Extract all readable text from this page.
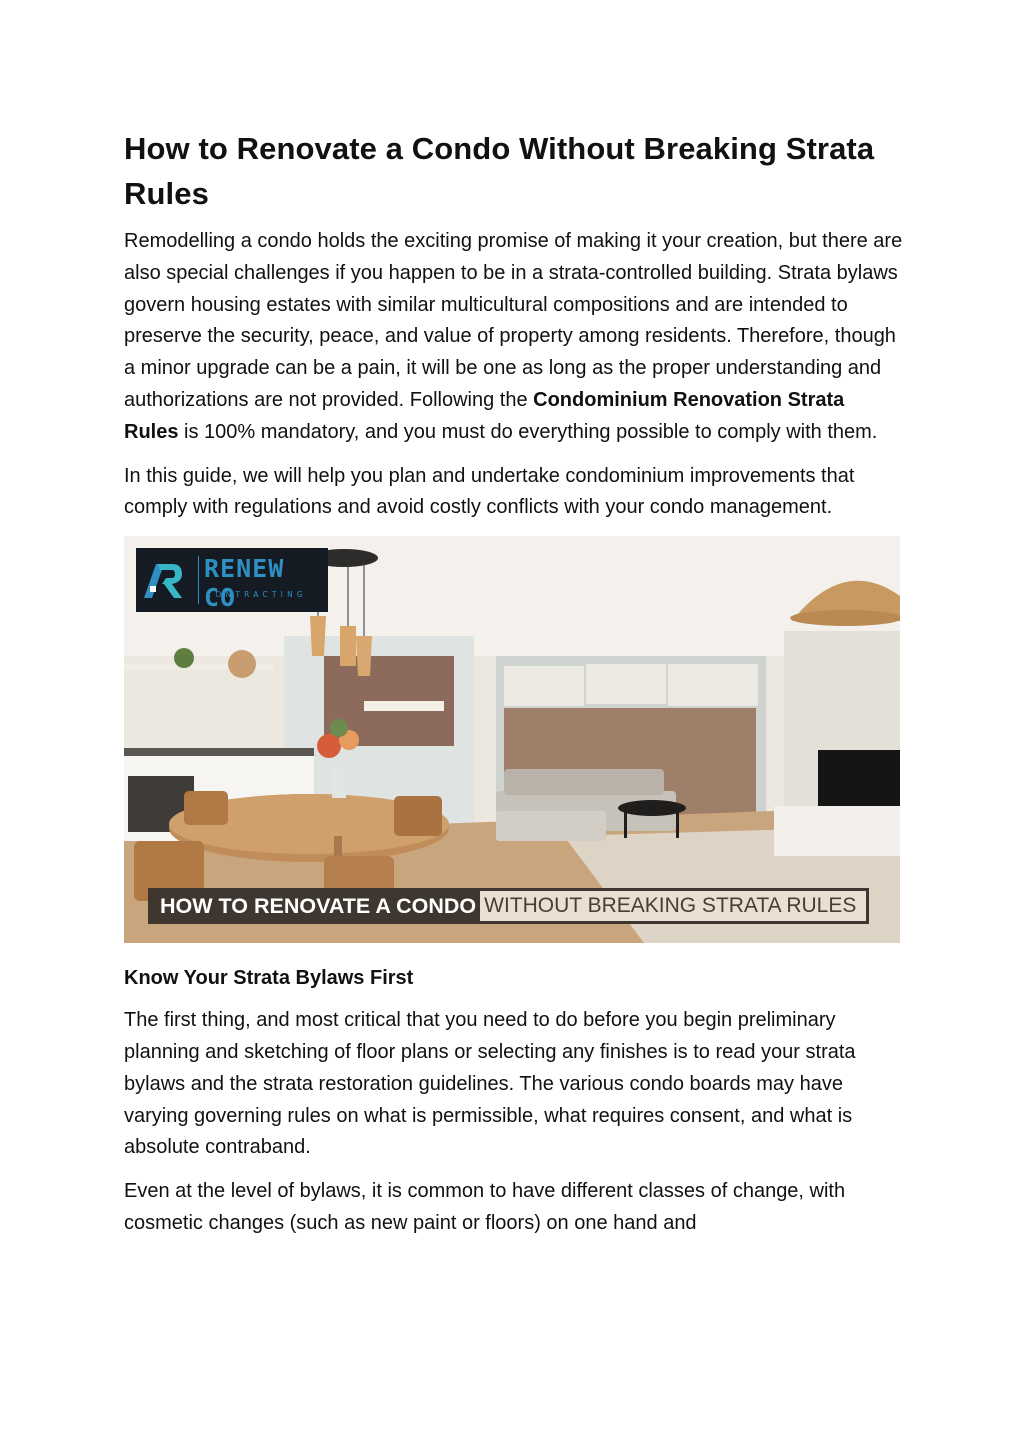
How to Renovate a Condo Without Breaking Strata Rules

Remodelling a condo holds the exciting promise of making it your creation, but there are also special challenges if you happen to be in a strata-controlled building. Strata bylaws govern housing estates with similar multicultural compositions and are intended to preserve the security, peace, and value of property among residents. Therefore, though a minor upgrade can be a pain, it will be one as long as the proper understanding and authorizations are not provided. Following the Condominium Renovation Strata Rules is 100% mandatory, and you must do everything possible to comply with them.

In this guide, we will help you plan and undertake condominium improvements that comply with regulations and avoid costly conflicts with your condo management.

RENEW CO
CONTRACTING
HOW TO RENOVATE A CONDO WITHOUT BREAKING STRATA RULES

Know Your Strata Bylaws First

The first thing, and most critical that you need to do before you begin preliminary planning and sketching of floor plans or selecting any finishes is to read your strata bylaws and the strata restoration guidelines. The various condo boards may have varying governing rules on what is permissible, what requires consent, and what is absolute contraband.

Even at the level of bylaws, it is common to have different classes of change, with cosmetic changes (such as new paint or floors) on one hand and
